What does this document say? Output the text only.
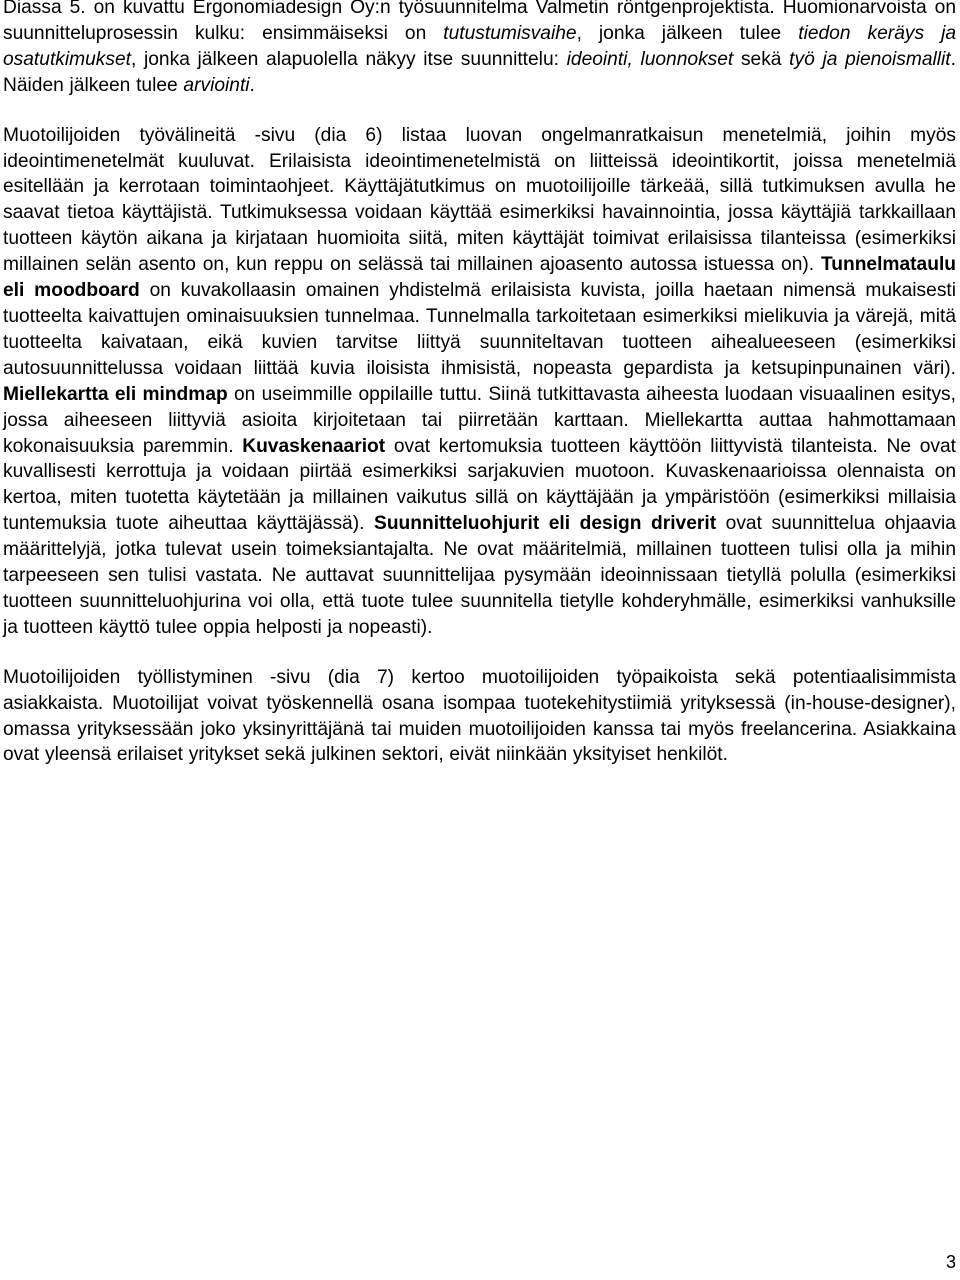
Diassa 5. on kuvattu Ergonomiadesign Oy:n työsuunnitelma Valmetin röntgenprojektista. Huomionarvoista on suunnitteluprosessin kulku: ensimmäiseksi on tutustumisvaihe, jonka jälkeen tulee tiedon keräys ja osatutkimukset, jonka jälkeen alapuolella näkyy itse suunnittelu: ideointi, luonnokset sekä työ ja pienoismallit. Näiden jälkeen tulee arviointi.

Muotoilijoiden työvälineitä -sivu (dia 6) listaa luovan ongelmanratkaisun menetelmiä, joihin myös ideointimenetelmät kuuluvat. Erilaisista ideointimenetelmistä on liitteissä ideointikortit, joissa menetelmiä esitellään ja kerrotaan toimintaohjeet. Käyttäjätutkimus on muotoilijoille tärkeää, sillä tutkimuksen avulla he saavat tietoa käyttäjistä. Tutkimuksessa voidaan käyttää esimerkiksi havainnointia, jossa käyttäjiä tarkkaillaan tuotteen käytön aikana ja kirjataan huomioita siitä, miten käyttäjät toimivat erilaisissa tilanteissa (esimerkiksi millainen selän asento on, kun reppu on selässä tai millainen ajoasento autossa istuessa on). Tunnelmataulu eli moodboard on kuvakollaasin omainen yhdistelmä erilaisista kuvista, joilla haetaan nimensä mukaisesti tuotteelta kaivattujen ominaisuuksien tunnelmaa. Tunnelmalla tarkoitetaan esimerkiksi mielikuvia ja värejä, mitä tuotteelta kaivataan, eikä kuvien tarvitse liittyä suunniteltavan tuotteen aihealueeseen (esimerkiksi autosuunnittelussa voidaan liittää kuvia iloisista ihmisistä, nopeasta gepardista ja ketsupinpunainen väri). Miellekartta eli mindmap on useimmille oppilaille tuttu. Siinä tutkittavasta aiheesta luodaan visuaalinen esitys, jossa aiheeseen liittyviä asioita kirjoitetaan tai piirretään karttaan. Miellekartta auttaa hahmottamaan kokonaisuuksia paremmin. Kuvaskenaariot ovat kertomuksia tuotteen käyttöön liittyvistä tilanteista. Ne ovat kuvallisesti kerrottuja ja voidaan piirtää esimerkiksi sarjakuvien muotoon. Kuvaskenaarioissa olennaista on kertoa, miten tuotetta käytetään ja millainen vaikutus sillä on käyttäjään ja ympäristöön (esimerkiksi millaisia tuntemuksia tuote aiheuttaa käyttäjässä). Suunnitteluohjurit eli design driverit ovat suunnittelua ohjaavia määrittelyjä, jotka tulevat usein toimeksiantajalta. Ne ovat määritelmiä, millainen tuotteen tulisi olla ja mihin tarpeeseen sen tulisi vastata. Ne auttavat suunnittelijaa pysymään ideoinnissaan tietyllä polulla (esimerkiksi tuotteen suunnitteluohjurina voi olla, että tuote tulee suunnitella tietylle kohderyhmälle, esimerkiksi vanhuksille ja tuotteen käyttö tulee oppia helposti ja nopeasti).

Muotoilijoiden työllistyminen -sivu (dia 7) kertoo muotoilijoiden työpaikoista sekä potentiaalisimmista asiakkaista. Muotoilijat voivat työskennellä osana isompaa tuotekehitystiimiä yrityksessä (in-house-designer), omassa yrityksessään joko yksinyrittäjänä tai muiden muotoilijoiden kanssa tai myös freelancerina. Asiakkaina ovat yleensä erilaiset yritykset sekä julkinen sektori, eivät niinkään yksityiset henkilöt.

3
